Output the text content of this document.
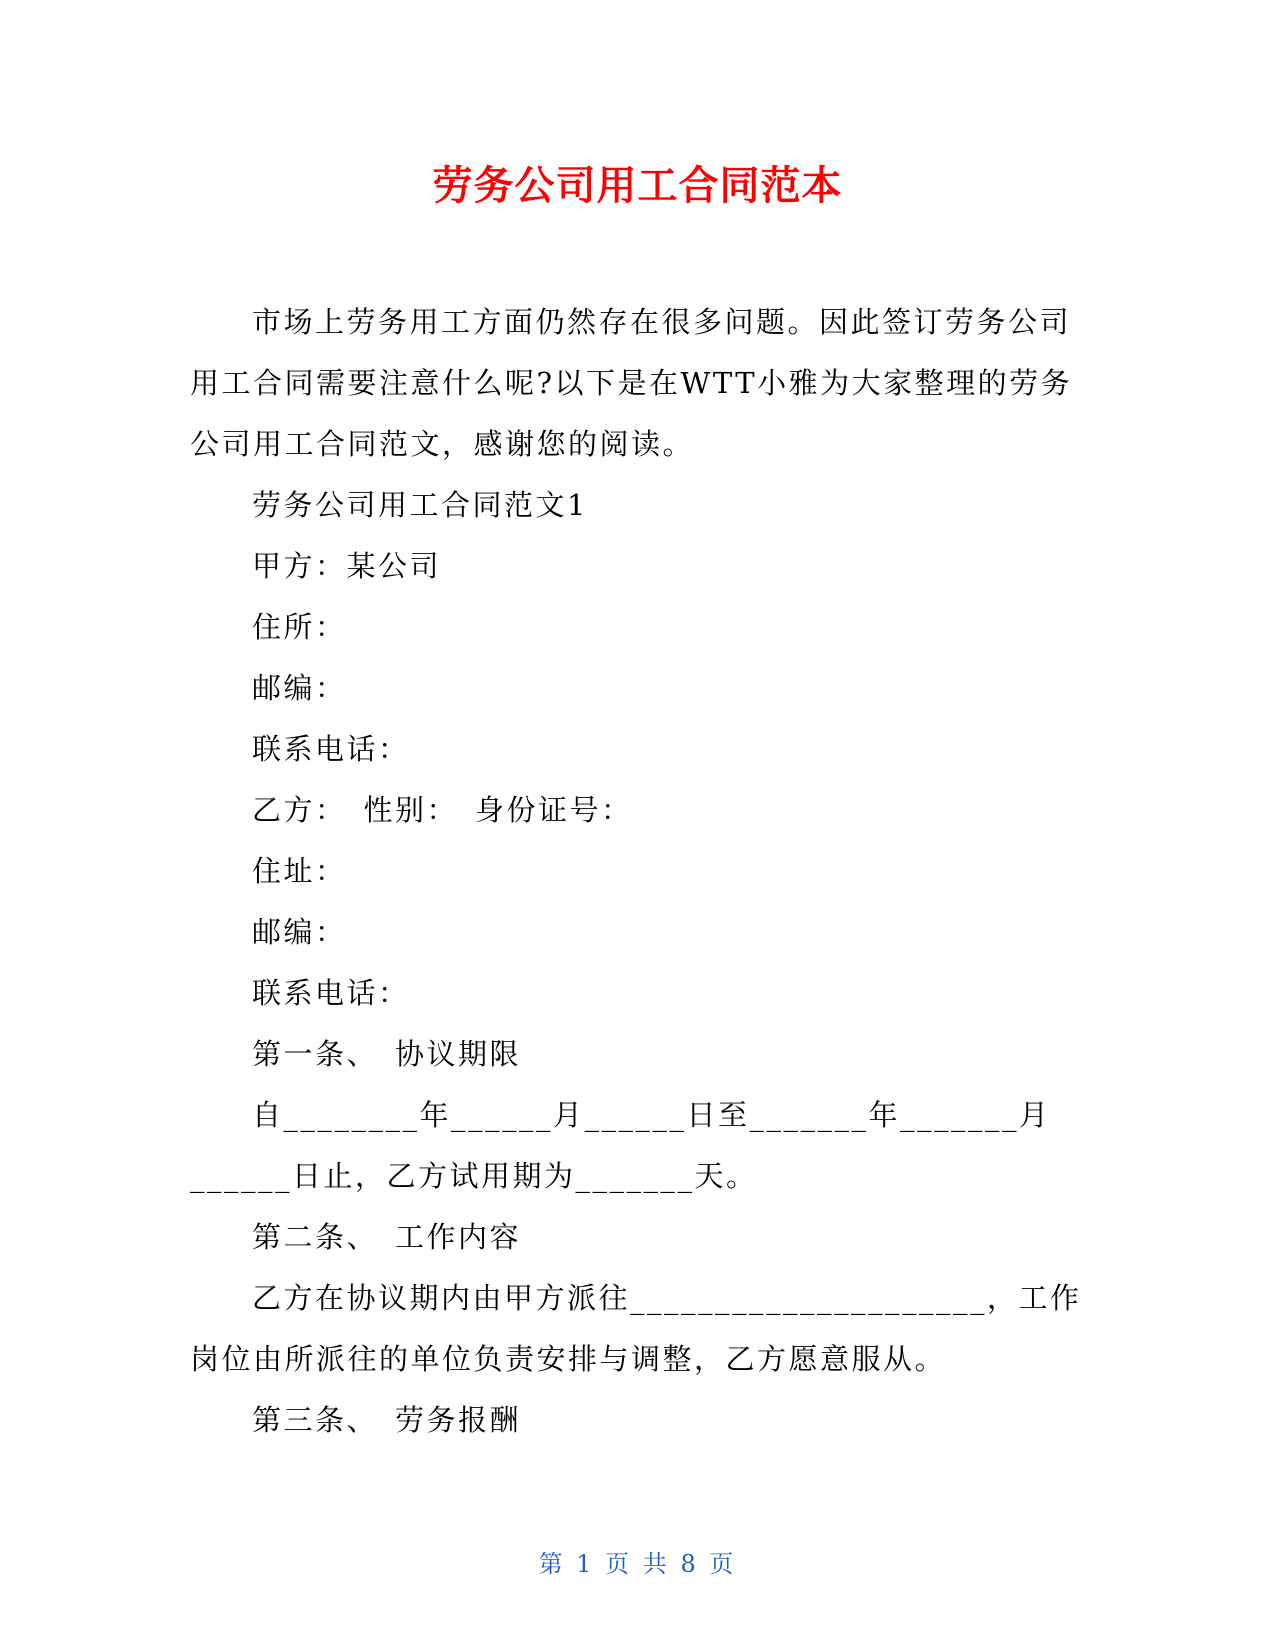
劳务公司用工合同范本

市场上劳务用工方面仍然存在很多问题。因此签订劳务公司用工合同需要注意什么呢?以下是在WTT小雅为大家整理的劳务公司用工合同范文，感谢您的阅读。

劳务公司用工合同范文1

甲方：某公司

住所：

邮编：

联系电话：

乙方：　性别：　身份证号：

住址：

邮编：

联系电话：

第一条、　协议期限

自________年______月______日至_______年_______月______日止，乙方试用期为_______天。

第二条、　工作内容

乙方在协议期内由甲方派往_____________________，工作岗位由所派往的单位负责安排与调整，乙方愿意服从。

第三条、　劳务报酬

第 1 页 共 8 页
